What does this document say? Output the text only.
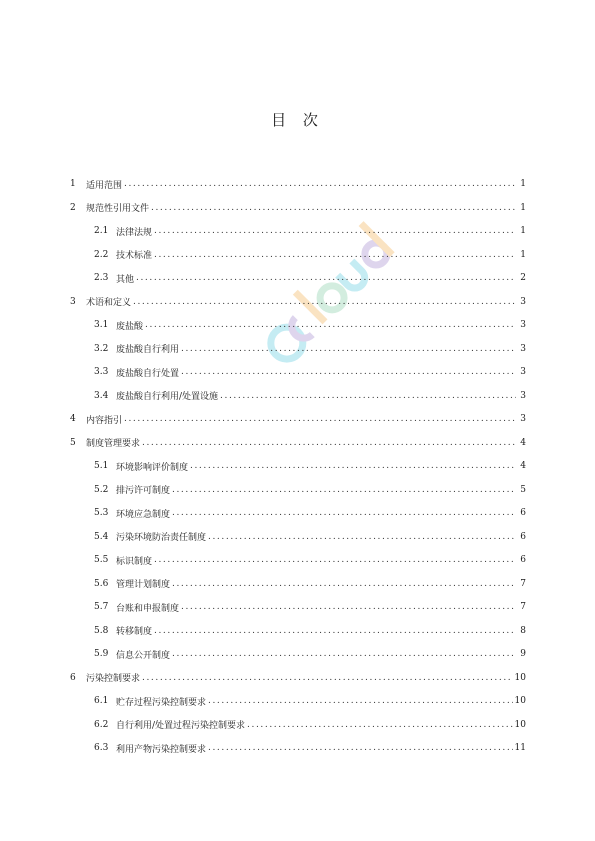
目 次
1	适用范围 .....	1
2	规范性引用文件 .....	1
2.1 法律法规 .....	1
2.2 技术标准 .....	1
2.3 其他 .....	2
3	术语和定义 .....	3
3.1 废盐酸 .....	3
3.2 废盐酸自行利用 .....	3
3.3 废盐酸自行处置 .....	3
3.4 废盐酸自行利用/处置设施 .....	3
4	内容指引 .....	3
5	制度管理要求 .....	4
5.1 环境影响评价制度 .....	4
5.2 排污许可制度 .....	5
5.3 环境应急制度 .....	6
5.4 污染环境防治责任制度 .....	6
5.5 标识制度 .....	6
5.6 管理计划制度 .....	7
5.7 台账和申报制度 .....	7
5.8 转移制度 .....	8
5.9 信息公开制度 .....	9
6	污染控制要求 .....	10
6.1 贮存过程污染控制要求 .....	10
6.2 自行利用/处置过程污染控制要求 .....	10
6.3 利用产物污染控制要求 .....	11
